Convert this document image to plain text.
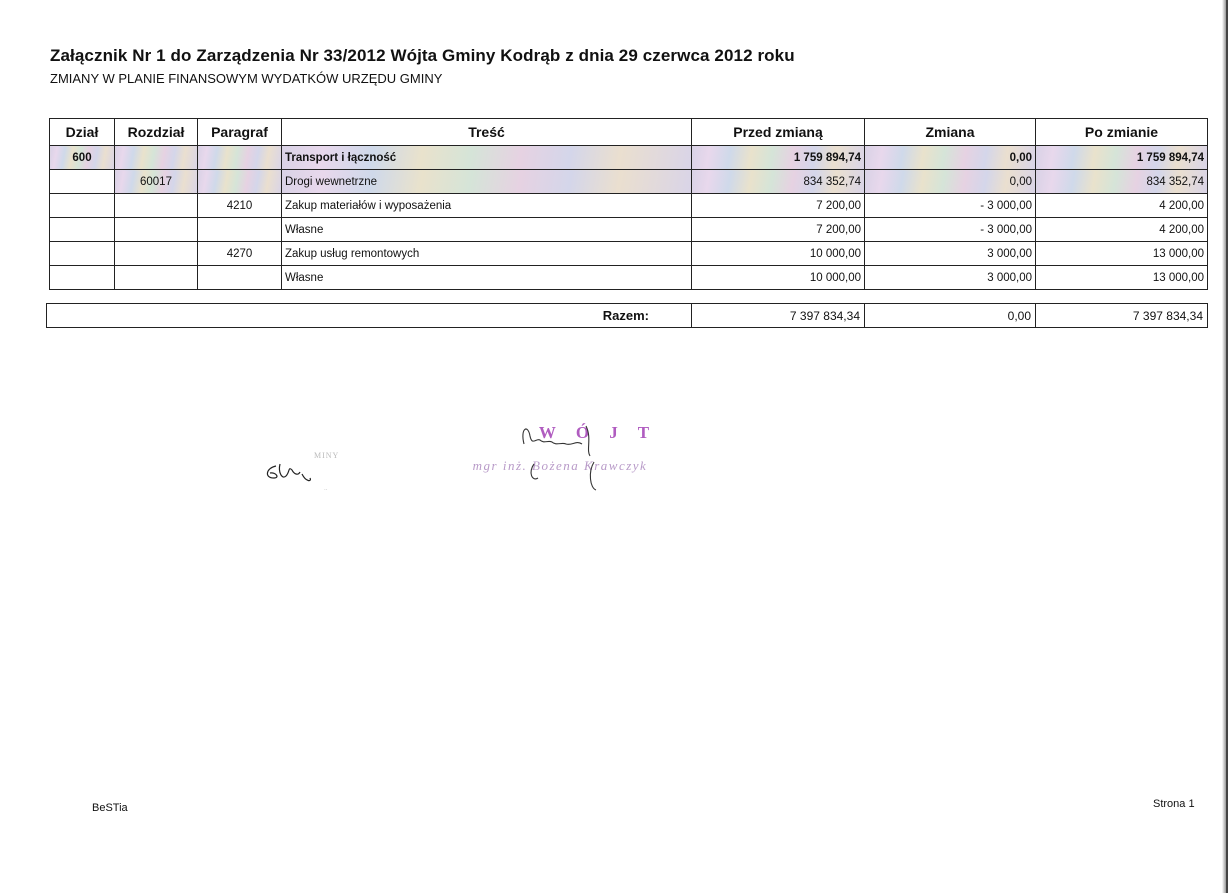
Załącznik Nr 1 do Zarządzenia Nr 33/2012 Wójta Gminy Kodrąb z dnia 29 czerwca 2012 roku
ZMIANY W PLANIE FINANSOWYM WYDATKÓW URZĘDU GMINY
Dział	Rozdział	Paragraf	Treść	Przed zmianą	Zmiana	Po zmianie
600			Transport i łączność	1 759 894,74	0,00	1 759 894,74
	60017		Drogi wewnetrzne	834 352,74	0,00	834 352,74
		4210	Zakup materiałów i wyposażenia	7 200,00	- 3 000,00	4 200,00
			Własne	7 200,00	- 3 000,00	4 200,00
		4270	Zakup usług remontowych	10 000,00	3 000,00	13 000,00
			Własne	10 000,00	3 000,00	13 000,00
Razem:	7 397 834,34	0,00	7 397 834,34
MINY
..
W Ó J T
mgr inż. Bożena Krawczyk
BeSTia	Strona 1
